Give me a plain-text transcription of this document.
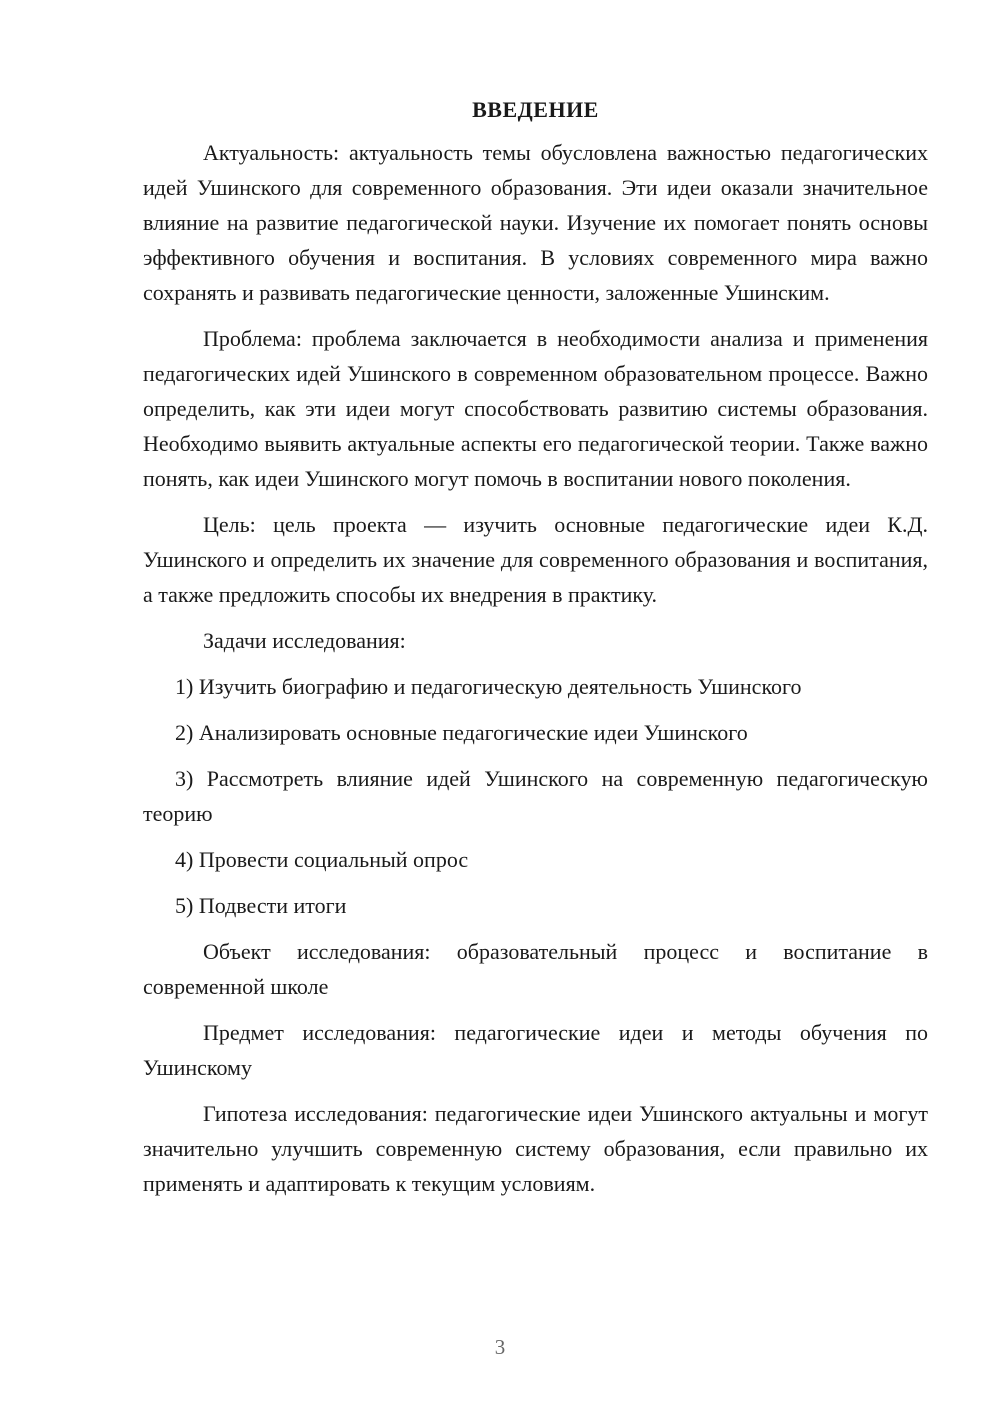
ВВЕДЕНИЕ

Актуальность: актуальность темы обусловлена важностью педагогических идей Ушинского для современного образования. Эти идеи оказали значительное влияние на развитие педагогической науки. Изучение их помогает понять основы эффективного обучения и воспитания. В условиях современного мира важно сохранять и развивать педагогические ценности, заложенные Ушинским.

Проблема: проблема заключается в необходимости анализа и применения педагогических идей Ушинского в современном образовательном процессе. Важно определить, как эти идеи могут способствовать развитию системы образования. Необходимо выявить актуальные аспекты его педагогической теории. Также важно понять, как идеи Ушинского могут помочь в воспитании нового поколения.

Цель: цель проекта — изучить основные педагогические идеи К.Д. Ушинского и определить их значение для современного образования и воспитания, а также предложить способы их внедрения в практику.

Задачи исследования:

1) Изучить биографию и педагогическую деятельность Ушинского

2) Анализировать основные педагогические идеи Ушинского

3) Рассмотреть влияние идей Ушинского на современную педагогическую теорию

4) Провести социальный опрос

5) Подвести итоги

Объект исследования: образовательный процесс и воспитание в современной школе

Предмет исследования: педагогические идеи и методы обучения по Ушинскому

Гипотеза исследования: педагогические идеи Ушинского актуальны и могут значительно улучшить современную систему образования, если правильно их применять и адаптировать к текущим условиям.

3
